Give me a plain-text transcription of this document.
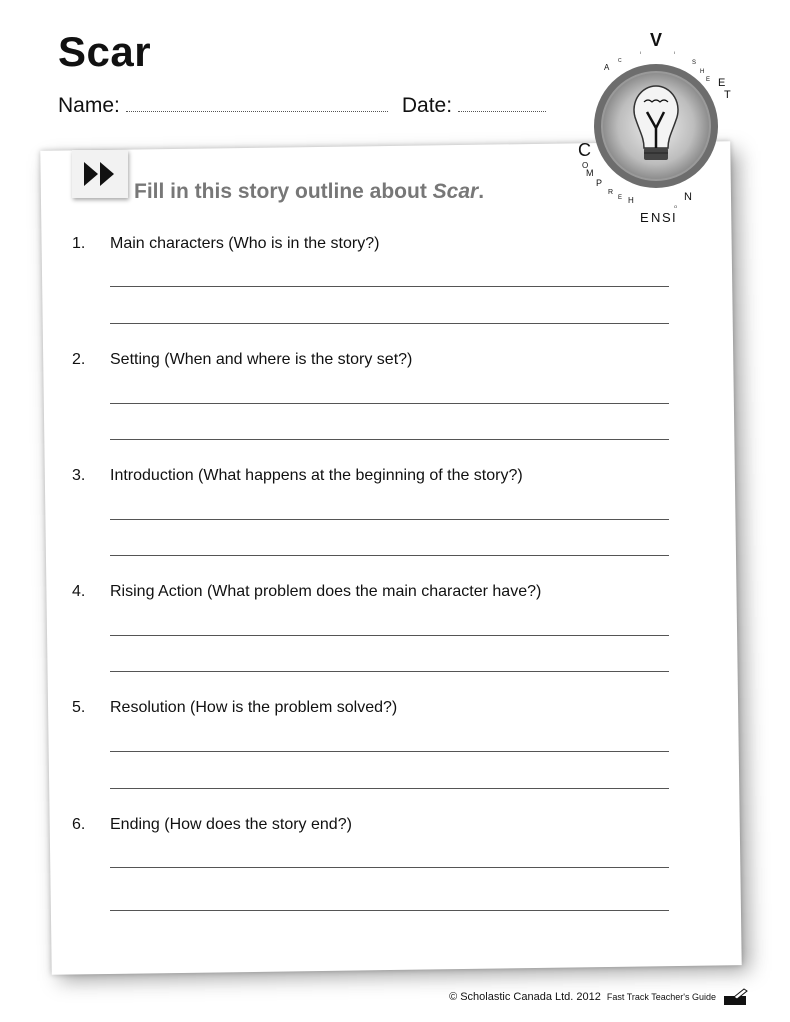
Scar
Name:	Date:
Fill in this story outline about Scar.
1.	Main characters (Who is in the story?)
2.	Setting (When and where is the story set?)
3.	Introduction (What happens at the beginning of the story?)
4.	Rising Action (What problem does the main character have?)
5.	Resolution (How is the problem solved?)
6.	Ending (How does the story end?)
V
A
C
I	I
S
H
E E
T
C
O
M
P
R
E H
E N S I
O
N
© Scholastic Canada Ltd. 2012 Fast Track Teacher's Guide
